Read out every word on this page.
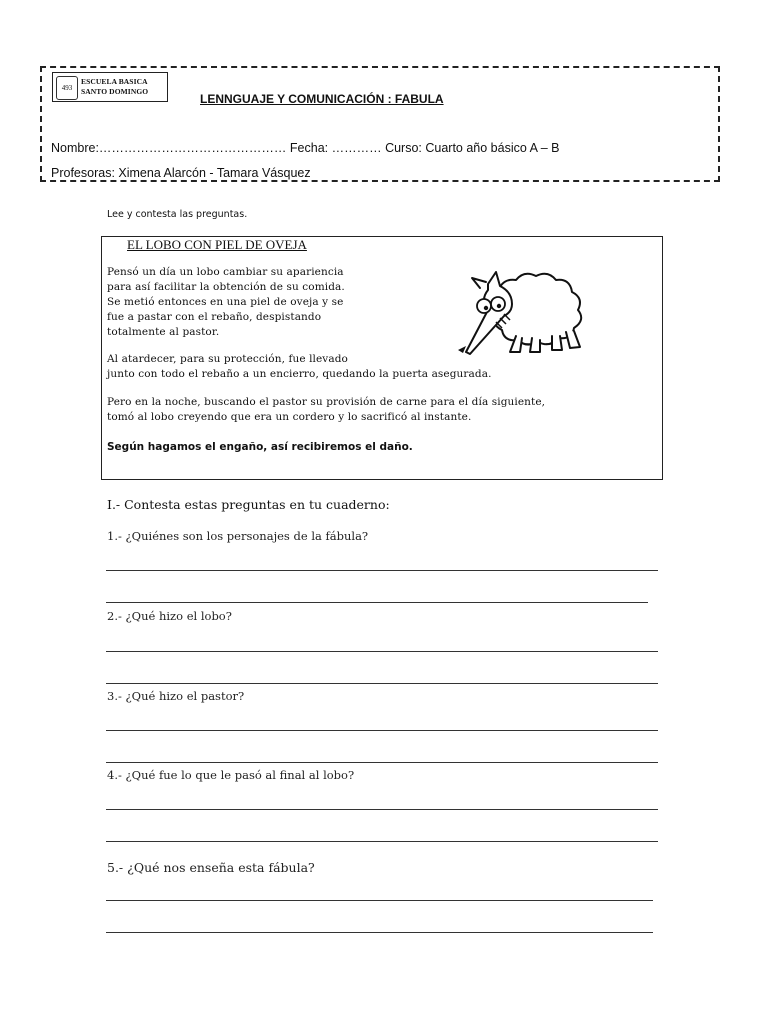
493
ESCUELA BASICA
SANTO DOMINGO
LENNGUAJE Y COMUNICACIÓN : FABULA
Nombre:……………………………………… Fecha: ………… Curso: Cuarto año básico A – B
Profesoras: Ximena Alarcón - Tamara Vásquez
Lee y contesta las preguntas.
EL LOBO CON PIEL DE OVEJA
Pensó un día un lobo cambiar su apariencia
para así facilitar la obtención de su comida.
Se metió entonces en una piel de oveja y se
fue a pastar con el rebaño, despistando
totalmente al pastor.
Al atardecer, para su protección, fue llevado
junto con todo el rebaño a un encierro, quedando la puerta asegurada.
Pero en la noche, buscando el pastor su provisión de carne para el día siguiente,
tomó al lobo creyendo que era un cordero y lo sacrificó al instante.
Según hagamos el engaño, así recibiremos el daño.
I.- Contesta estas preguntas en tu cuaderno:
1.- ¿Quiénes son los personajes de la fábula?
2.- ¿Qué hizo el lobo?
3.- ¿Qué hizo el pastor?
4.- ¿Qué fue lo que le pasó al final al lobo?
5.- ¿Qué nos enseña esta fábula?
